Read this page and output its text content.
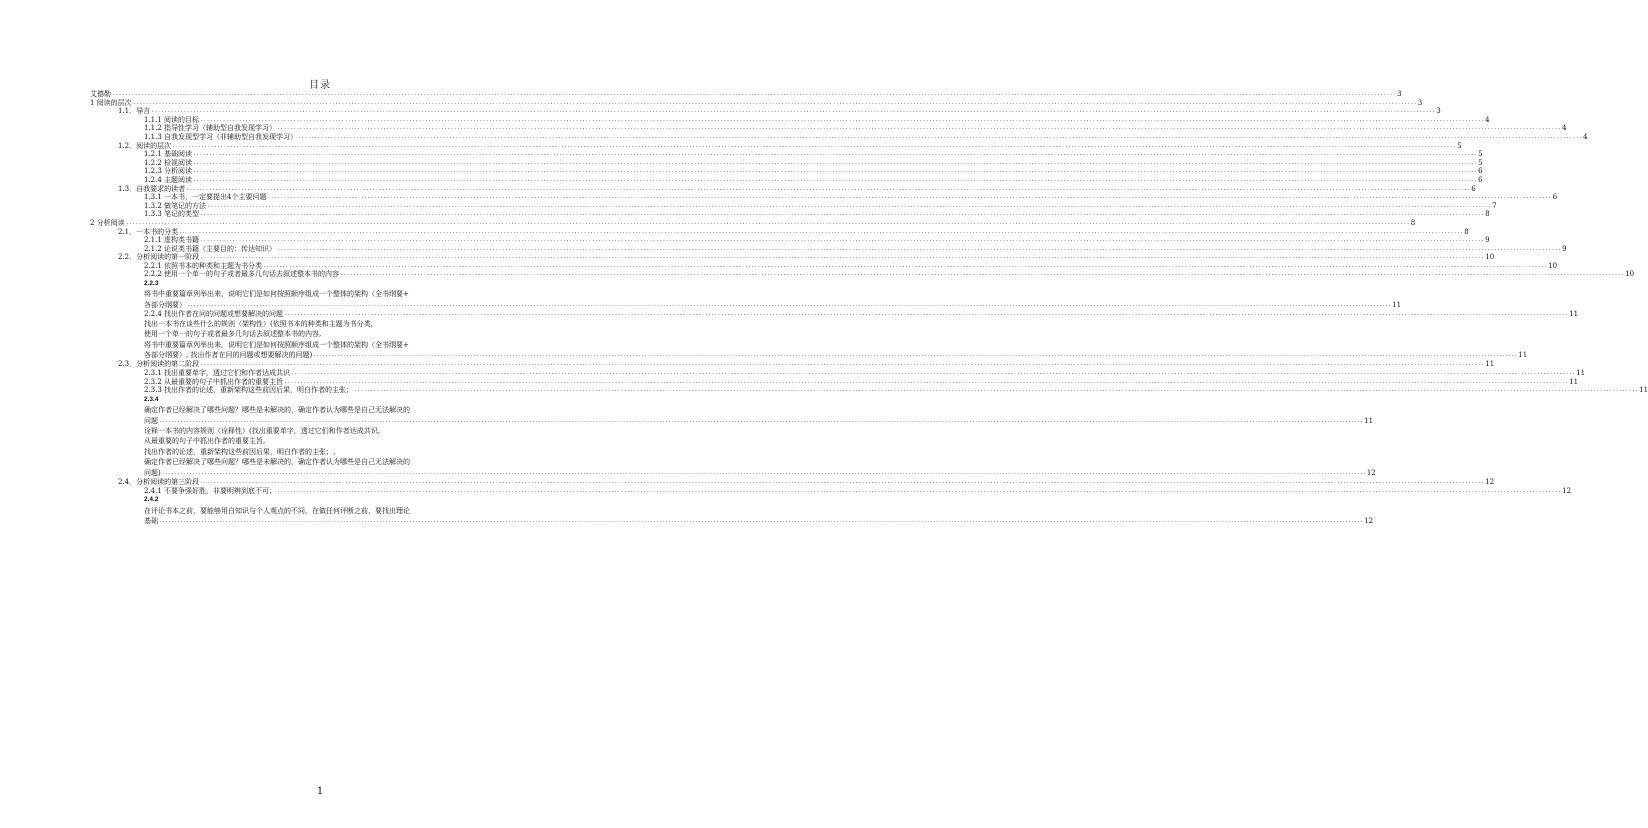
目录
艾德勒 ................................................................................................................................................................................................................................................................................................................................................................................................................ 3
1 阅读的层次 ................................................................................................................................................................................................................................................................................................................................................................................................................ 3
1.1．导言 ................................................................................................................................................................................................................................................................................................................................................................................................................ 3
1.1.1 阅读的目标 ................................................................................................................................................................................................................................................................................................................................................................................................................ 4
1.1.2 指导性学习（辅助型自我发现学习） ................................................................................................................................................................................................................................................................................................................................................................................................................ 4
1.1.3 自我发现型学习（非辅助型自我发现学习） ................................................................................................................................................................................................................................................................................................................................................................................................................ 4
1.2．阅读的层次 ................................................................................................................................................................................................................................................................................................................................................................................................................ 5
1.2.1 基础阅读 ................................................................................................................................................................................................................................................................................................................................................................................................................ 5
1.2.2 检视阅读 ................................................................................................................................................................................................................................................................................................................................................................................................................ 5
1.2.3 分析阅读 ................................................................................................................................................................................................................................................................................................................................................................................................................ 6
1.2.4 主题阅读 ................................................................................................................................................................................................................................................................................................................................................................................................................ 6
1.3．自我要求的读者 ................................................................................................................................................................................................................................................................................................................................................................................................................ 6
1.3.1 一本书，一定要提出4个主要问题 ................................................................................................................................................................................................................................................................................................................................................................................................................ 6
1.3.2 做笔记的方法 ................................................................................................................................................................................................................................................................................................................................................................................................................ 7
1.3.3 笔记的类型 ................................................................................................................................................................................................................................................................................................................................................................................................................ 8
2 分析阅读 ................................................................................................................................................................................................................................................................................................................................................................................................................ 8
2.1．一本书的分类 ................................................................................................................................................................................................................................................................................................................................................................................................................ 8
2.1.1 虚构类书籍 ................................................................................................................................................................................................................................................................................................................................................................................................................ 9
2.1.2 论说类书籍（主要目的：传达知识） ................................................................................................................................................................................................................................................................................................................................................................................................................ 9
2.2．分析阅读的第一阶段 ................................................................................................................................................................................................................................................................................................................................................................................................................ 10
2.2.1 依照书本的种类和主题为书分类 ................................................................................................................................................................................................................................................................................................................................................................................................................ 10
2.2.2 使用一个单一的句子或者最多几句话去叙述整本书的内容 ................................................................................................................................................................................................................................................................................................................................................................................................................ 10
2.2.3
将书中重要篇章列举出来，说明它们是如何按照顺序组成一个整体的架构（全书纲要+
各部分纲要） ................................................................................................................................................................................................................................................................................................................................................................................................................ 11
2.2.4 找出作者在问的问题或想要解决的问题 ................................................................................................................................................................................................................................................................................................................................................................................................................ 11
找出一本书在谈些什么的规则（架构性）(依照书本的种类和主题为书分类,
使用一个单一的句子或者最多几句话去叙述整本书的内容,
将书中重要篇章列举出来，说明它们是如何按照顺序组成一个整体的架构（全书纲要+
各部分纲要）, 找出作者在问的问题或想要解决的问题) ................................................................................................................................................................................................................................................................................................................................................................................................................ 11
2.3．分析阅读的第二阶段 ................................................................................................................................................................................................................................................................................................................................................................................................................ 11
2.3.1 找出重要单字，透过它们和作者达成共识 ................................................................................................................................................................................................................................................................................................................................................................................................................ 11
2.3.2 从最重要的句子中抓出作者的重要主旨 ................................................................................................................................................................................................................................................................................................................................................................................................................ 11
2.3.3 找出作者的论述，重新架构这些前因后果，明白作者的主张； ................................................................................................................................................................................................................................................................................................................................................................................................................ 11
2.3.4
确定作者已经解决了哪些问题？哪些是未解决的，确定作者认为哪些是自己无法解决的
问题 ................................................................................................................................................................................................................................................................................................................................................................................................................ 11
诠释一本书的内容规则（诠释性）(找出重要单字，透过它们和作者达成共识,
从最重要的句子中抓出作者的重要主旨,
找出作者的论述，重新架构这些前因后果，明白作者的主张；,
确定作者已经解决了哪些问题？哪些是未解决的，确定作者认为哪些是自己无法解决的
问题) ................................................................................................................................................................................................................................................................................................................................................................................................................ 12
2.4．分析阅读的第三阶段 ................................................................................................................................................................................................................................................................................................................................................................................................................ 12
2.4.1 不要争强好胜，非要明辨到底不可； ................................................................................................................................................................................................................................................................................................................................................................................................................ 12
2.4.2
在评论书本之前，要能够用白知识与个人观点的不同，在做任何评断之前，要找出理论
基础 ................................................................................................................................................................................................................................................................................................................................................................................................................ 12
1
